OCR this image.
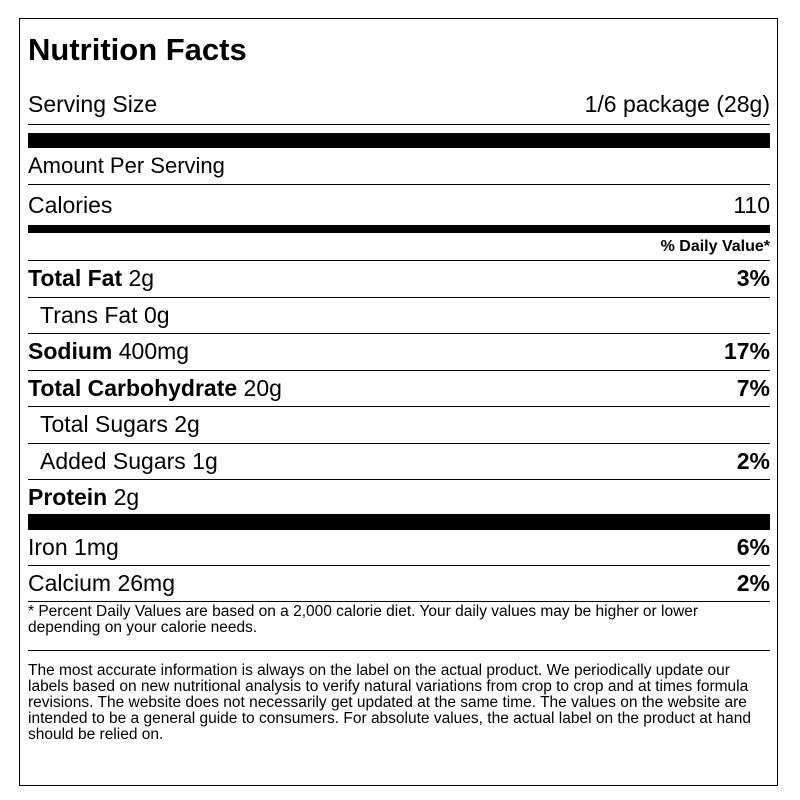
Nutrition Facts
Serving Size	1/6 package (28g)
Amount Per Serving
Calories	110
% Daily Value*
Total Fat 2g	3%
Trans Fat 0g
Sodium 400mg	17%
Total Carbohydrate 20g	7%
Total Sugars 2g
Added Sugars 1g	2%
Protein 2g
Iron 1mg	6%
Calcium 26mg	2%

* Percent Daily Values are based on a 2,000 calorie diet. Your daily values may be higher or lower depending on your calorie needs.

The most accurate information is always on the label on the actual product. We periodically update our labels based on new nutritional analysis to verify natural variations from crop to crop and at times formula revisions. The website does not necessarily get updated at the same time. The values on the website are intended to be a general guide to consumers. For absolute values, the actual label on the product at hand should be relied on.
